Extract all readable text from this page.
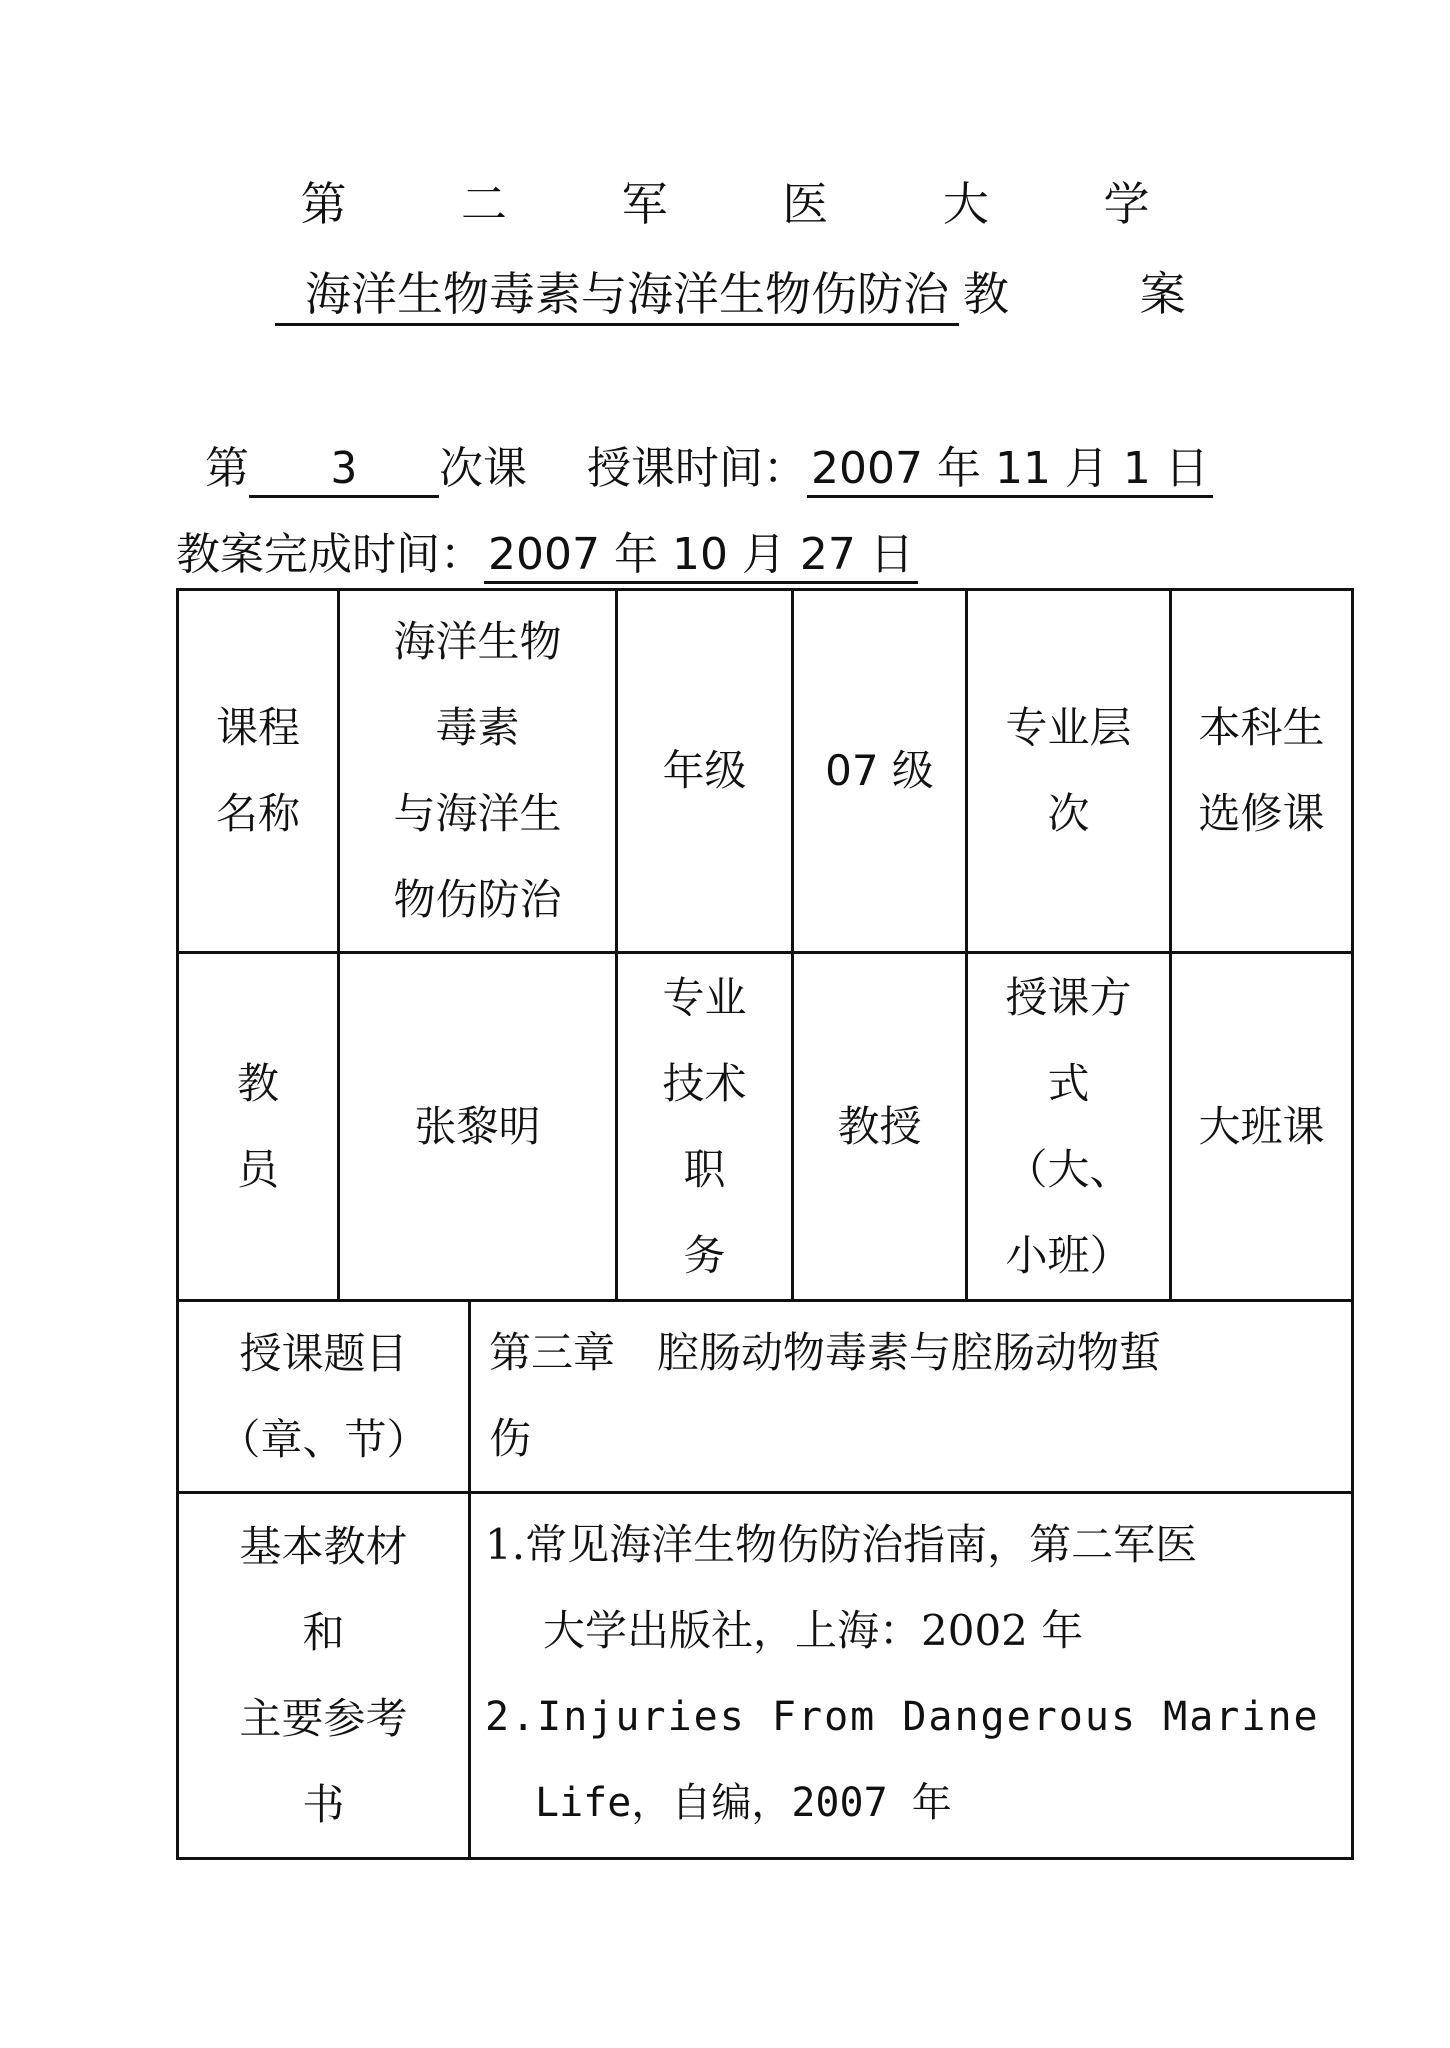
第 二 军 医 大 学
海洋生物毒素与海洋生物伤防治 教 案
第 3 次课 授课时间：2007 年 11 月 1 日
教案完成时间：2007 年 10 月 27 日
课程
名称
海洋生物
毒素
与海洋生
物伤防治
年级 07 级
专业层
次
本科生
选修课
教
员
张黎明
专业
技术
职
务
教授
授课方
式
（大、
小班）
大班课
授课题目
（章、节）
第三章　腔肠动物毒素与腔肠动物蜇
伤
基本教材
和
主要参考
书
1.常见海洋生物伤防治指南，第二军医
大学出版社，上海：2002 年
2.Injuries From Dangerous Marine
Life，自编，2007 年
